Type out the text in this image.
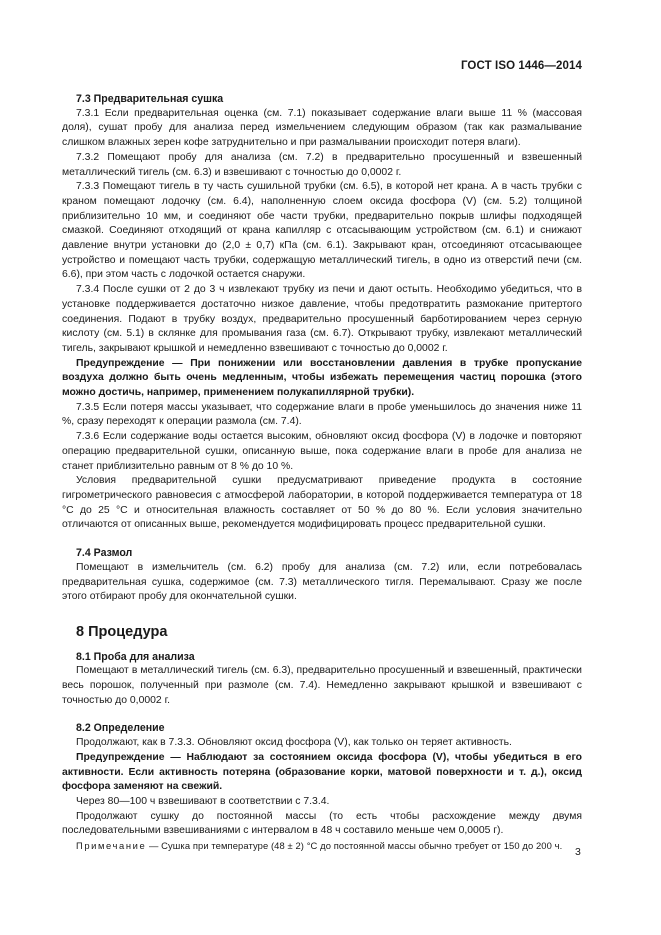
ГОСТ ISO 1446—2014

7.3 Предварительная сушка

7.3.1 Если предварительная оценка (см. 7.1) показывает содержание влаги выше 11 % (массовая доля), сушат пробу для анализа перед измельчением следующим образом (так как размалывание слишком влажных зерен кофе затруднительно и при размалывании происходит потеря влаги).

7.3.2 Помещают пробу для анализа (см. 7.2) в предварительно просушенный и взвешенный металлический тигель (см. 6.3) и взвешивают с точностью до 0,0002 г.

7.3.3 Помещают тигель в ту часть сушильной трубки (см. 6.5), в которой нет крана. А в часть трубки с краном помещают лодочку (см. 6.4), наполненную слоем оксида фосфора (V) (см. 5.2) толщиной приблизительно 10 мм, и соединяют обе части трубки, предварительно покрыв шлифы подходящей смазкой. Соединяют отходящий от крана капилляр с отсасывающим устройством (см. 6.1) и снижают давление внутри установки до (2,0 ± 0,7) кПа (см. 6.1). Закрывают кран, отсоединяют отсасывающее устройство и помещают часть трубки, содержащую металлический тигель, в одно из отверстий печи (см. 6.6), при этом часть с лодочкой остается снаружи.

7.3.4 После сушки от 2 до 3 ч извлекают трубку из печи и дают остыть. Необходимо убедиться, что в установке поддерживается достаточно низкое давление, чтобы предотвратить размокание притертого соединения. Подают в трубку воздух, предварительно просушенный барботированием через серную кислоту (см. 5.1) в склянке для промывания газа (см. 6.7). Открывают трубку, извлекают металлический тигель, закрывают крышкой и немедленно взвешивают с точностью до 0,0002 г.

Предупреждение — При понижении или восстановлении давления в трубке пропускание воздуха должно быть очень медленным, чтобы избежать перемещения частиц порошка (этого можно достичь, например, применением полукапиллярной трубки).

7.3.5 Если потеря массы указывает, что содержание влаги в пробе уменьшилось до значения ниже 11 %, сразу переходят к операции размола (см. 7.4).

7.3.6 Если содержание воды остается высоким, обновляют оксид фосфора (V) в лодочке и повторяют операцию предварительной сушки, описанную выше, пока содержание влаги в пробе для анализа не станет приблизительно равным от 8 % до 10 %.

Условия предварительной сушки предусматривают приведение продукта в состояние гигрометрического равновесия с атмосферой лаборатории, в которой поддерживается температура от 18 °С до 25 °С и относительная влажность составляет от 50 % до 80 %. Если условия значительно отличаются от описанных выше, рекомендуется модифицировать процесс предварительной сушки.

7.4 Размол

Помещают в измельчитель (см. 6.2) пробу для анализа (см. 7.2) или, если потребовалась предварительная сушка, содержимое (см. 7.3) металлического тигля. Перемалывают. Сразу же после этого отбирают пробу для окончательной сушки.

8 Процедура

8.1 Проба для анализа

Помещают в металлический тигель (см. 6.3), предварительно просушенный и взвешенный, практически весь порошок, полученный при размоле (см. 7.4). Немедленно закрывают крышкой и взвешивают с точностью до 0,0002 г.

8.2 Определение

Продолжают, как в 7.3.3. Обновляют оксид фосфора (V), как только он теряет активность.

Предупреждение — Наблюдают за состоянием оксида фосфора (V), чтобы убедиться в его активности. Если активность потеряна (образование корки, матовой поверхности и т. д.), оксид фосфора заменяют на свежий.

Через 80—100 ч взвешивают в соответствии с 7.3.4.

Продолжают сушку до постоянной массы (то есть чтобы расхождение между двумя последовательными взвешиваниями с интервалом в 48 ч составило меньше чем 0,0005 г).

Примечание — Сушка при температуре (48 ± 2) °С до постоянной массы обычно требует от 150 до 200 ч.

3
